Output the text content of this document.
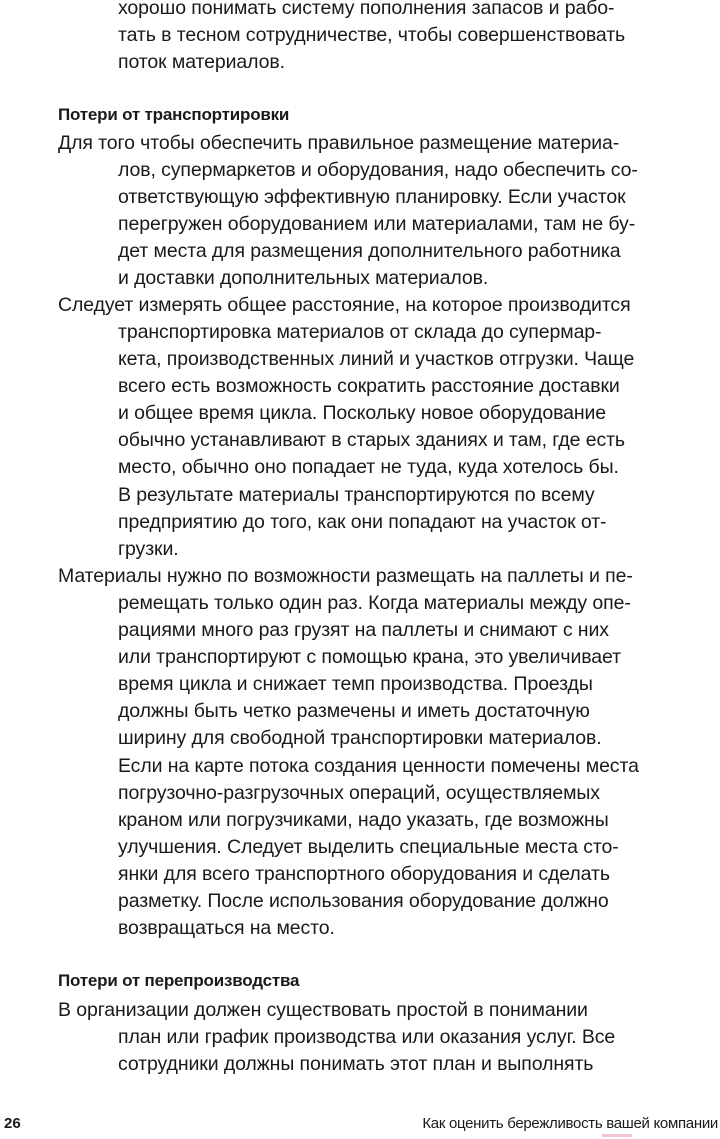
хорошо понимать систему пополнения запасов и рабо-
тать в тесном сотрудничестве, чтобы совершенствовать
поток материалов.
Потери от транспортировки
Для того чтобы обеспечить правильное размещение материа-
лов, супермаркетов и оборудования, надо обеспечить со-
ответствующую эффективную планировку. Если участок
перегружен оборудованием или материалами, там не бу-
дет места для размещения дополнительного работника
и доставки дополнительных материалов.
Следует измерять общее расстояние, на которое производится
транспортировка материалов от склада до супермар-
кета, производственных линий и участков отгрузки. Чаще
всего есть возможность сократить расстояние доставки
и общее время цикла. Поскольку новое оборудование
обычно устанавливают в старых зданиях и там, где есть
место, обычно оно попадает не туда, куда хотелось бы.
В результате материалы транспортируются по всему
предприятию до того, как они попадают на участок от-
грузки.
Материалы нужно по возможности размещать на паллеты и пе-
ремещать только один раз. Когда материалы между опе-
рациями много раз грузят на паллеты и снимают с них
или транспортируют с помощью крана, это увеличивает
время цикла и снижает темп производства. Проезды
должны быть четко размечены и иметь достаточную
ширину для свободной транспортировки материалов.
Если на карте потока создания ценности помечены места
погрузочно-разгрузочных операций, осуществляемых
краном или погрузчиками, надо указать, где возможны
улучшения. Следует выделить специальные места сто-
янки для всего транспортного оборудования и сделать
разметку. После использования оборудование должно
возвращаться на место.
Потери от перепроизводства
В организации должен существовать простой в понимании
план или график производства или оказания услуг. Все
сотрудники должны понимать этот план и выполнять
26	Как оценить бережливость вашей компании
